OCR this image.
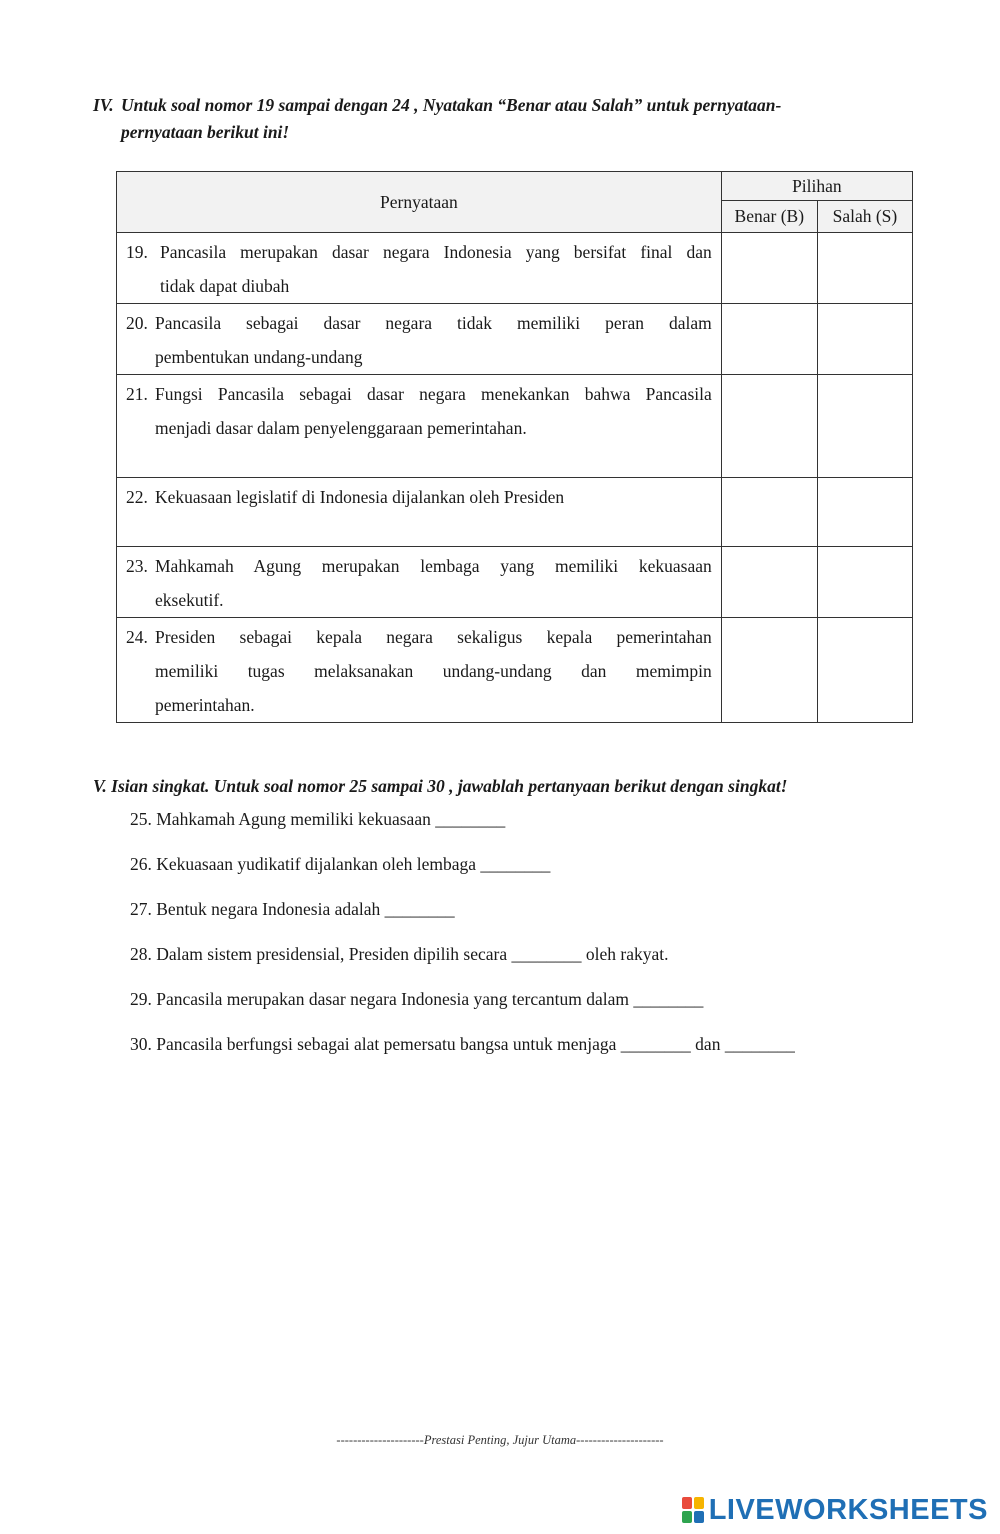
IV. Untuk soal nomor 19 sampai dengan 24 , Nyatakan “Benar atau Salah” untuk pernyataan-
pernyataan berikut ini!
Pernyataan	Pilihan	
	Benar (B)	Salah (S)

19. Pancasila merupakan dasar negara Indonesia yang bersifat final dan
tidak dapat diubah		

20. Pancasila sebagai dasar negara tidak memiliki peran dalam
pembentukan undang-undang		

21. Fungsi Pancasila sebagai dasar negara menekankan bahwa Pancasila
menjadi dasar dalam penyelenggaraan pemerintahan.		

22. Kekuasaan legislatif di Indonesia dijalankan oleh Presiden		

23. Mahkamah Agung merupakan lembaga yang memiliki kekuasaan
eksekutif.		

24. Presiden sebagai kepala negara sekaligus kepala pemerintahan
memiliki tugas melaksanakan undang-undang dan memimpin
pemerintahan.		

V. Isian singkat. Untuk soal nomor 25 sampai 30 , jawablah pertanyaan berikut dengan singkat!
25. Mahkamah Agung memiliki kekuasaan ________
26. Kekuasaan yudikatif dijalankan oleh lembaga ________
27. Bentuk negara Indonesia adalah ________
28. Dalam sistem presidensial, Presiden dipilih secara ________ oleh rakyat.
29. Pancasila merupakan dasar negara Indonesia yang tercantum dalam ________
30. Pancasila berfungsi sebagai alat pemersatu bangsa untuk menjaga ________ dan ________
---------------------Prestasi Penting, Jujur Utama---------------------
LIVEWORKSHEETS
